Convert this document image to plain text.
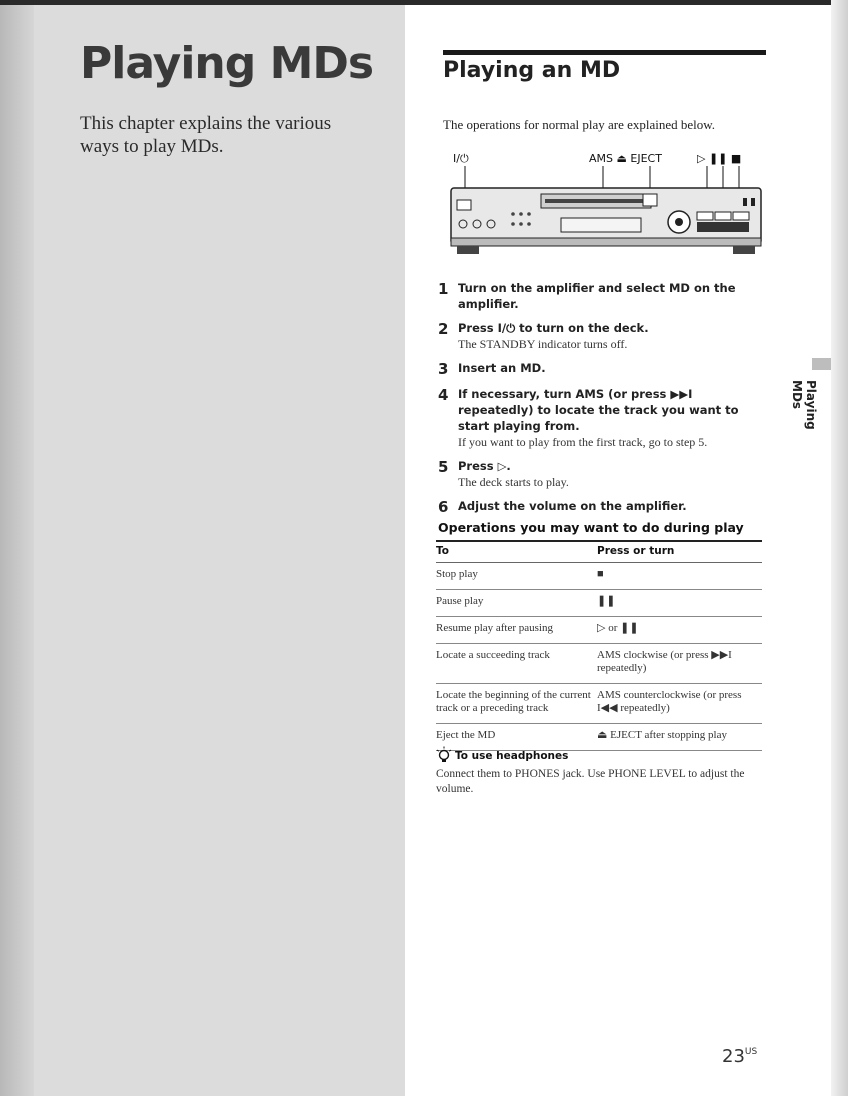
Playing MDs

This chapter explains the various ways to play MDs.

Playing an MD

The operations for normal play are explained below.

I/⏻	AMS ⏏ EJECT	▷ ❚❚ ■
1 Turn on the amplifier and select MD on the amplifier.
2 Press I/⏻ to turn on the deck.
The STANDBY indicator turns off.
3 Insert an MD.
4 If necessary, turn AMS (or press ▶▶I repeatedly) to locate the track you want to start playing from.
If you want to play from the first track, go to step 5.
5 Press ▷.
The deck starts to play.
6 Adjust the volume on the amplifier.
Operations you may want to do during play
To	Press or turn
Stop play	■
Pause play	❚❚
Resume play after pausing	▷ or ❚❚
Locate a succeeding track	AMS clockwise (or press ▶▶I repeatedly)
Locate the beginning of the current track or a preceding track	AMS counterclockwise (or press I◀◀ repeatedly)
Eject the MD	⏏ EJECT after stopping play

To use headphones

Connect them to PHONES jack. Use PHONE LEVEL to adjust the volume.

Playing MDs
$23^{US}$
